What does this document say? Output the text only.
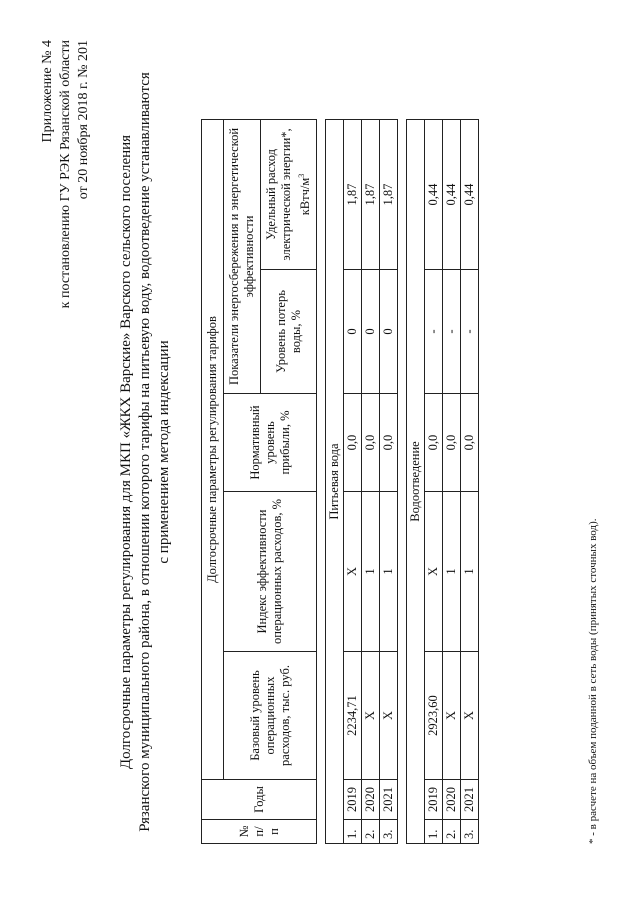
Приложение № 4 к постановлению ГУ РЭК Рязанской области от 20 ноября 2018 г. № 201
Долгосрочные параметры регулирования для МКП «ЖКХ Варские» Варского сельского поселения Рязанского муниципального района, в отношении которого тарифы на питьевую воду, водоотведение устанавливаются с применением метода индексации
№ п/п	Годы	Долгосрочные параметры регулирования тарифов				
		Базовый уровень операционных расходов, тыс. руб.	Индекс эффективности операционных расходов, %	Нормативный уровень прибыли, %	Показатели энергосбережения и энергетической эффективности	
					Уровень потерь воды, %	Удельный расход электрической энергии*, кВтч/$м^3$

Питьевая вода						
1.	2019	2234,71	Х	0,0	0	1,87
2.	2020	Х	1	0,0	0	1,87
3.	2021	Х	1	0,0	0	1,87

Водоотведение						
1.	2019	2923,60	Х	0,0	-	0,44
2.	2020	Х	1	0,0	-	0,44
3.	2021	Х	1	0,0	-	0,44
* - в расчете на объем поданной в сеть воды (принятых сточных вод).
